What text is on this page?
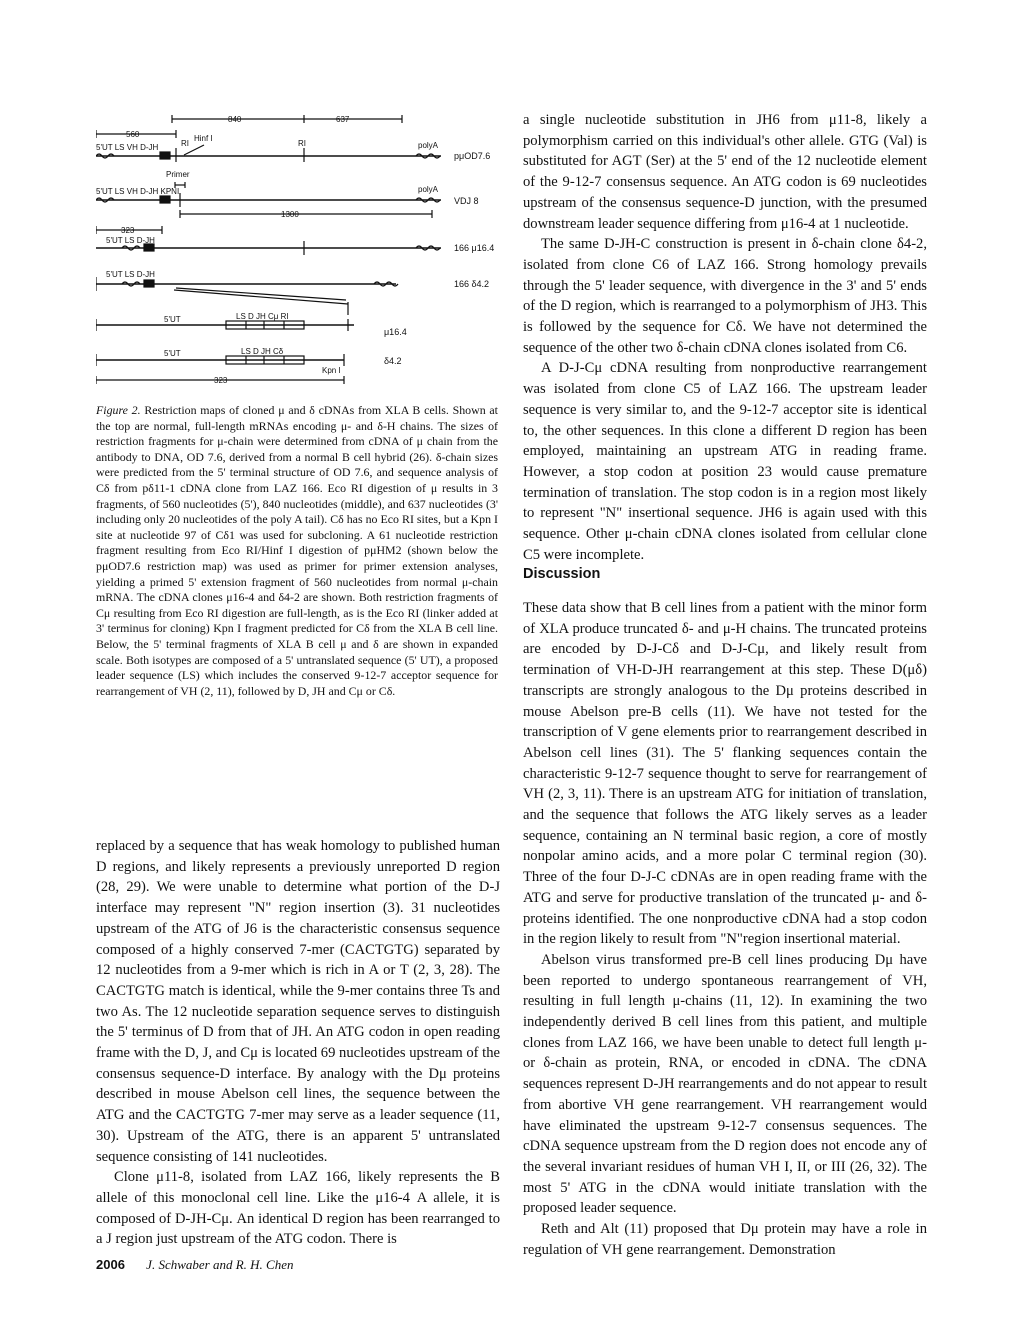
840	637
560
5'UT LS VH D-JH	RI
Hinf I
RI	polyA
pμOD7.6
Primer
5'UT LS VH D-JH KPNI	polyA
VDJ 8
1300
323
5'UT LS D-JH
166 μ16.4
5'UT LS D-JH
166 δ4.2
5'UT	LS D JH Cμ RI
μ16.4
5'UT	LS D JH Cδ
Kpn I
δ4.2
323
Figure 2. Restriction maps of cloned μ and δ cDNAs from XLA B cells. Shown at the top are normal, full-length mRNAs encoding μ- and δ-H chains. The sizes of restriction fragments for μ-chain were determined from cDNA of μ chain from the antibody to DNA, OD 7.6, derived from a normal B cell hybrid (26). δ-chain sizes were predicted from the 5' terminal structure of OD 7.6, and sequence analysis of Cδ from pδ11-1 cDNA clone from LAZ 166. Eco RI digestion of μ results in 3 fragments, of 560 nucleotides (5'), 840 nucleotides (middle), and 637 nucleotides (3' including only 20 nucleotides of the poly A tail). Cδ has no Eco RI sites, but a Kpn I site at nucleotide 97 of Cδ1 was used for subcloning. A 61 nucleotide restriction fragment resulting from Eco RI/Hinf I digestion of pμHM2 (shown below the pμOD7.6 restriction map) was used as primer for primer extension analyses, yielding a primed 5' extension fragment of 560 nucleotides from normal μ-chain mRNA. The cDNA clones μ16-4 and δ4-2 are shown. Both restriction fragments of Cμ resulting from Eco RI digestion are full-length, as is the Eco RI (linker added at 3' terminus for cloning) Kpn I fragment predicted for Cδ from the XLA B cell line. Below, the 5' terminal fragments of XLA B cell μ and δ are shown in expanded scale. Both isotypes are composed of a 5' untranslated sequence (5' UT), a proposed leader sequence (LS) which includes the conserved 9-12-7 acceptor sequence for rearrangement of VH (2, 11), followed by D, JH and Cμ or Cδ.

replaced by a sequence that has weak homology to published human D regions, and likely represents a previously unreported D region (28, 29). We were unable to determine what portion of the D-J interface may represent "N" region insertion (3). 31 nucleotides upstream of the ATG of J6 is the characteristic consensus sequence composed of a highly conserved 7-mer (CACTGTG) separated by 12 nucleotides from a 9-mer which is rich in A or T (2, 3, 28). The CACTGTG match is identical, while the 9-mer contains three Ts and two As. The 12 nucleotide separation sequence serves to distinguish the 5' terminus of D from that of JH. An ATG codon in open reading frame with the D, J, and Cμ is located 69 nucleotides upstream of the consensus sequence-D interface. By analogy with the Dμ proteins described in mouse Abelson cell lines, the sequence between the ATG and the CACTGTG 7-mer may serve as a leader sequence (11, 30). Upstream of the ATG, there is an apparent 5' untranslated sequence consisting of 141 nucleotides.

Clone μ11-8, isolated from LAZ 166, likely represents the B allele of this monoclonal cell line. Like the μ16-4 A allele, it is composed of D-JH-Cμ. An identical D region has been rearranged to a J region just upstream of the ATG codon. There is

a single nucleotide substitution in JH6 from μ11-8, likely a polymorphism carried on this individual's other allele. GTG (Val) is substituted for AGT (Ser) at the 5' end of the 12 nucleotide element of the 9-12-7 consensus sequence. An ATG codon is 69 nucleotides upstream of the consensus sequence-D junction, with the presumed downstream leader sequence differing from μ16-4 at 1 nucleotide.

The same D-JH-C construction is present in δ-chain clone δ4-2, isolated from clone C6 of LAZ 166. Strong homology prevails through the 5' leader sequence, with divergence in the 3' and 5' ends of the D region, which is rearranged to a polymorphism of JH3. This is followed by the sequence for Cδ. We have not determined the sequence of the other two δ-chain cDNA clones isolated from C6.

A D-J-Cμ cDNA resulting from nonproductive rearrangement was isolated from clone C5 of LAZ 166. The upstream leader sequence is very similar to, and the 9-12-7 acceptor site is identical to, the other sequences. In this clone a different D region has been employed, maintaining an upstream ATG in reading frame. However, a stop codon at position 23 would cause premature termination of translation. The stop codon is in a region most likely to represent "N" insertional sequence. JH6 is again used with this sequence. Other μ-chain cDNA clones isolated from cellular clone C5 were incomplete.

Discussion

These data show that B cell lines from a patient with the minor form of XLA produce truncated δ- and μ-H chains. The truncated proteins are encoded by D-J-Cδ and D-J-Cμ, and likely result from termination of VH-D-JH rearrangement at this step. These D(μδ) transcripts are strongly analogous to the Dμ proteins described in mouse Abelson pre-B cells (11). We have not tested for the transcription of V gene elements prior to rearrangement described in Abelson cell lines (31). The 5' flanking sequences contain the characteristic 9-12-7 sequence thought to serve for rearrangement of VH (2, 3, 11). There is an upstream ATG for initiation of translation, and the sequence that follows the ATG likely serves as a leader sequence, containing an N terminal basic region, a core of mostly nonpolar amino acids, and a more polar C terminal region (30). Three of the four D-J-C cDNAs are in open reading frame with the ATG and serve for productive translation of the truncated μ- and δ-proteins identified. The one nonproductive cDNA had a stop codon in the region likely to result from "N"region insertional material.

Abelson virus transformed pre-B cell lines producing Dμ have been reported to undergo spontaneous rearrangement of VH, resulting in full length μ-chains (11, 12). In examining the two independently derived B cell lines from this patient, and multiple clones from LAZ 166, we have been unable to detect full length μ- or δ-chain as protein, RNA, or encoded in cDNA. The cDNA sequences represent D-JH rearrangements and do not appear to result from abortive VH gene rearrangement. VH rearrangement would have eliminated the upstream 9-12-7 consensus sequences. The cDNA sequence upstream from the D region does not encode any of the several invariant residues of human VH I, II, or III (26, 32). The most 5' ATG in the cDNA would initiate translation with the proposed leader sequence.

Reth and Alt (11) proposed that Dμ protein may have a role in regulation of VH gene rearrangement. Demonstration

2006 J. Schwaber and R. H. Chen
